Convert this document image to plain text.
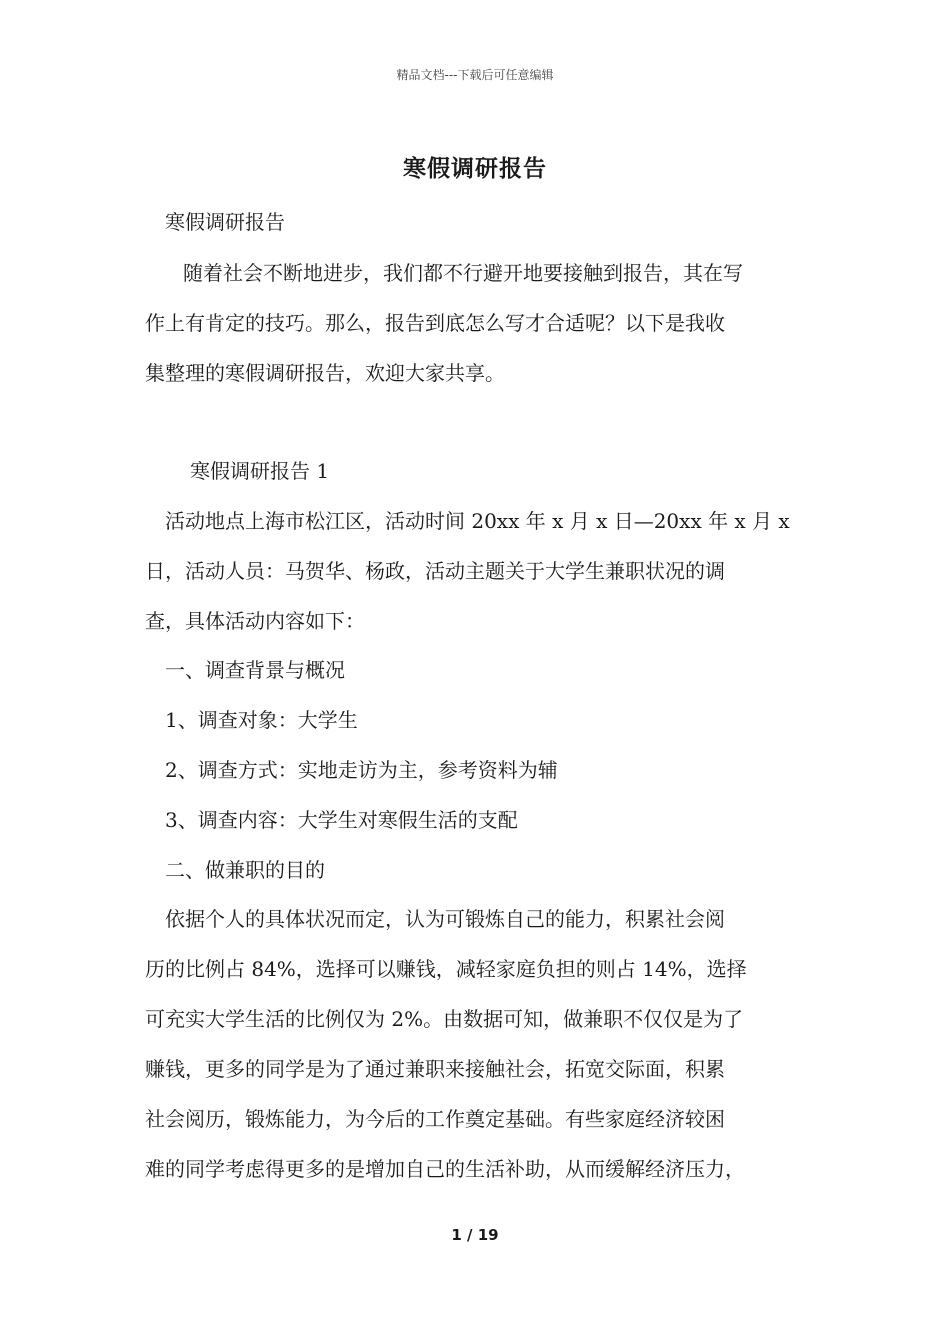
精品文档---下载后可任意编辑
寒假调研报告
寒假调研报告
随着社会不断地进步，我们都不行避开地要接触到报告，其在写
作上有肯定的技巧。那么，报告到底怎么写才合适呢？以下是我收
集整理的寒假调研报告，欢迎大家共享。
寒假调研报告 1
活动地点上海市松江区，活动时间 20xx 年 x 月 x 日—20xx 年 x 月 x
日，活动人员：马贺华、杨政，活动主题关于大学生兼职状况的调
查，具体活动内容如下：
一、调查背景与概况
1、调查对象：大学生
2、调查方式：实地走访为主，参考资料为辅
3、调查内容：大学生对寒假生活的支配
二、做兼职的目的
依据个人的具体状况而定，认为可锻炼自己的能力，积累社会阅
历的比例占 84%，选择可以赚钱，减轻家庭负担的则占 14%，选择
可充实大学生活的比例仅为 2%。由数据可知，做兼职不仅仅是为了
赚钱，更多的同学是为了通过兼职来接触社会，拓宽交际面，积累
社会阅历，锻炼能力，为今后的工作奠定基础。有些家庭经济较困
难的同学考虑得更多的是增加自己的生活补助，从而缓解经济压力，
1 / 19
